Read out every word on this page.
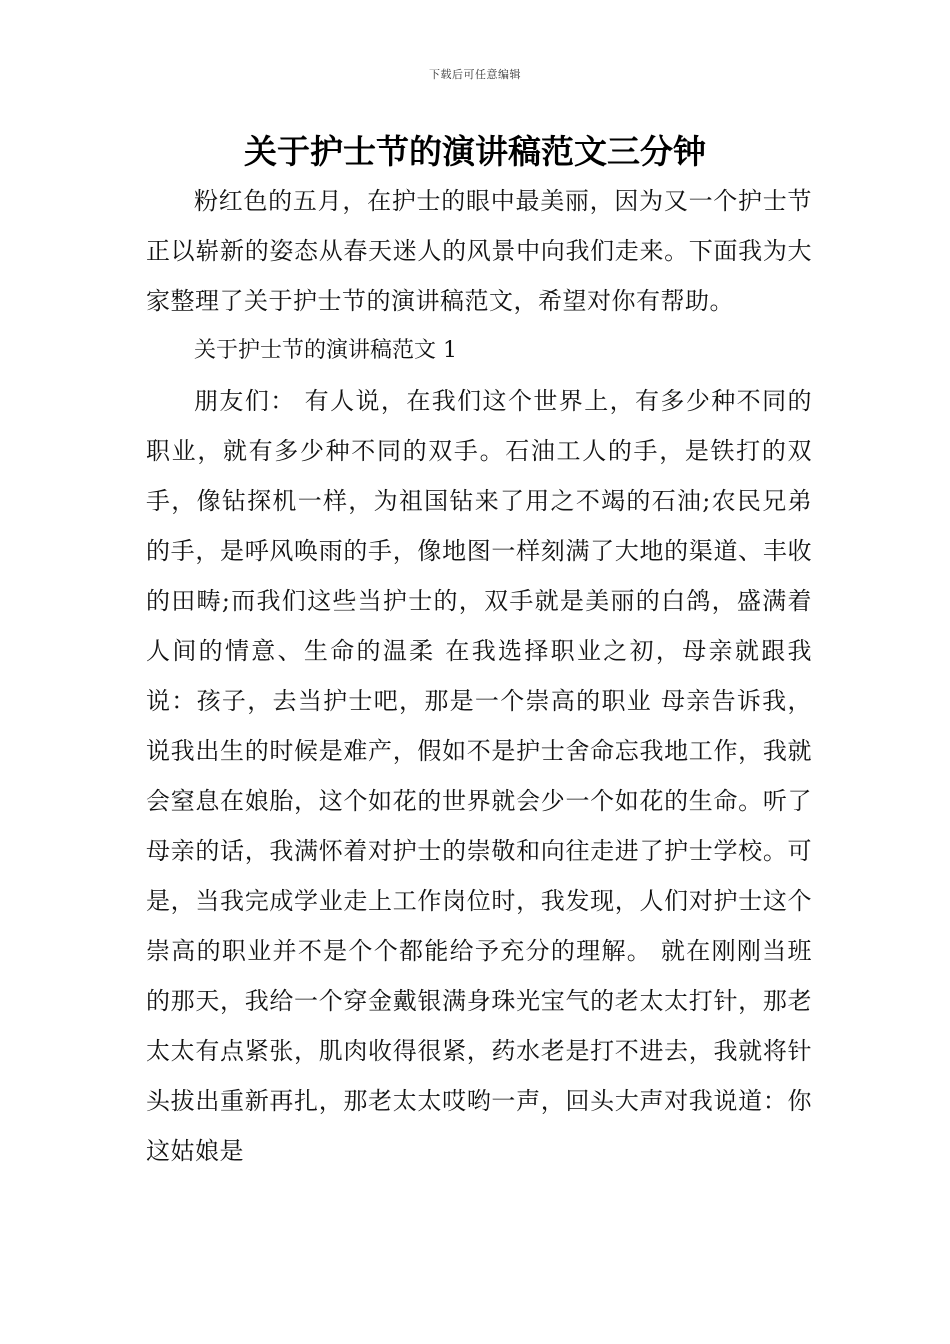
下载后可任意编辑
关于护士节的演讲稿范文三分钟

粉红色的五月，在护士的眼中最美丽，因为又一个护士节正以崭新的姿态从春天迷人的风景中向我们走来。下面我为大家整理了关于护士节的演讲稿范文，希望对你有帮助。

关于护士节的演讲稿范文 1

朋友们： 有人说，在我们这个世界上，有多少种不同的职业，就有多少种不同的双手。石油工人的手，是铁打的双手，像钻探机一样，为祖国钻来了用之不竭的石油;农民兄弟的手，是呼风唤雨的手，像地图一样刻满了大地的渠道、丰收的田畴;而我们这些当护士的，双手就是美丽的白鸽，盛满着人间的情意、生命的温柔 在我选择职业之初，母亲就跟我说：孩子，去当护士吧，那是一个崇高的职业 母亲告诉我，说我出生的时候是难产，假如不是护士舍命忘我地工作，我就会窒息在娘胎，这个如花的世界就会少一个如花的生命。听了母亲的话，我满怀着对护士的崇敬和向往走进了护士学校。可是，当我完成学业走上工作岗位时，我发现，人们对护士这个崇高的职业并不是个个都能给予充分的理解。 就在刚刚当班的那天，我给一个穿金戴银满身珠光宝气的老太太打针，那老太太有点紧张，肌肉收得很紧，药水老是打不进去，我就将针头拔出重新再扎，那老太太哎哟一声，回头大声对我说道：你这姑娘是
